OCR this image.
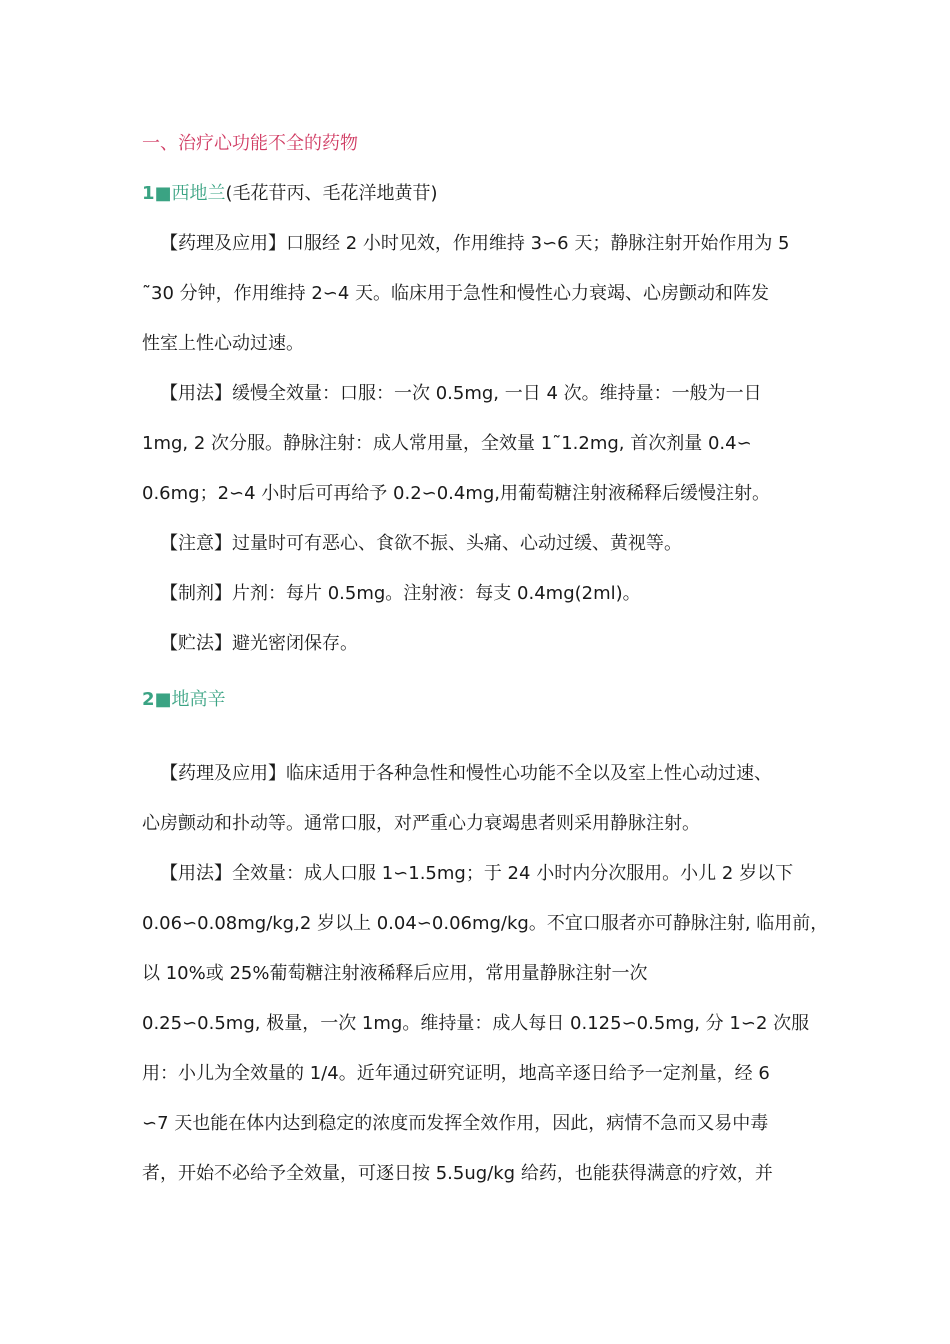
一、治疗心功能不全的药物
1■西地兰(毛花苷丙、毛花洋地黄苷)
【药理及应用】口服经 2 小时见效，作用维持 3∽6 天；静脉注射开始作用为 5
˜30 分钟，作用维持 2∽4 天。临床用于急性和慢性心力衰竭、心房颤动和阵发
性室上性心动过速。
【用法】缓慢全效量：口服：一次 0.5mg, 一日 4 次。维持量：一般为一日
1mg, 2 次分服。静脉注射：成人常用量，全效量 1˜1.2mg, 首次剂量 0.4∽
0.6mg；2∽4 小时后可再给予 0.2∽0.4mg,用葡萄糖注射液稀释后缓慢注射。
【注意】过量时可有恶心、食欲不振、头痛、心动过缓、黄视等。
【制剂】片剂：每片 0.5mg。注射液：每支 0.4mg(2ml)。
【贮法】避光密闭保存。
2■地高辛
【药理及应用】临床适用于各种急性和慢性心功能不全以及室上性心动过速、
心房颤动和扑动等。通常口服，对严重心力衰竭患者则采用静脉注射。
【用法】全效量：成人口服 1∽1.5mg；于 24 小时内分次服用。小儿 2 岁以下
0.06∽0.08mg/kg,2 岁以上 0.04∽0.06mg/kg。不宜口服者亦可静脉注射, 临用前，
以 10%或 25%葡萄糖注射液稀释后应用，常用量静脉注射一次
0.25∽0.5mg, 极量，一次 1mg。维持量：成人每日 0.125∽0.5mg, 分 1∽2 次服
用：小儿为全效量的 1/4。近年通过研究证明，地高辛逐日给予一定剂量，经 6
∽7 天也能在体内达到稳定的浓度而发挥全效作用，因此，病情不急而又易中毒
者，开始不必给予全效量，可逐日按 5.5ug/kg 给药，也能获得满意的疗效，并
